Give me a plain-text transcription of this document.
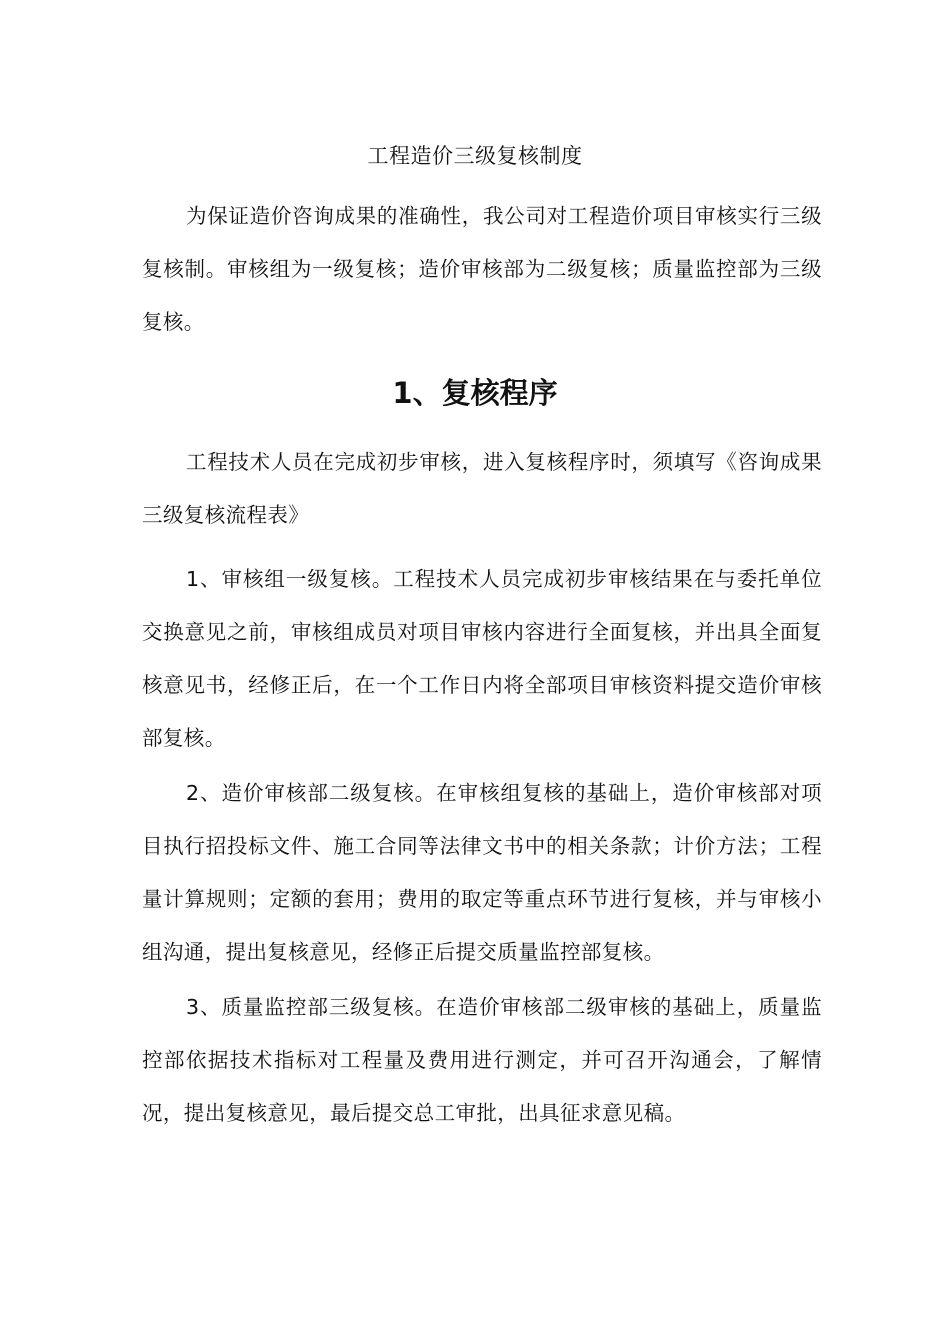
工程造价三级复核制度

为保证造价咨询成果的准确性，我公司对工程造价项目审核实行三级复核制。审核组为一级复核；造价审核部为二级复核；质量监控部为三级复核。

1、复核程序

工程技术人员在完成初步审核，进入复核程序时，须填写《咨询成果三级复核流程表》

1、审核组一级复核。工程技术人员完成初步审核结果在与委托单位交换意见之前，审核组成员对项目审核内容进行全面复核，并出具全面复核意见书，经修正后，在一个工作日内将全部项目审核资料提交造价审核部复核。

2、造价审核部二级复核。在审核组复核的基础上，造价审核部对项目执行招投标文件、施工合同等法律文书中的相关条款；计价方法；工程量计算规则；定额的套用；费用的取定等重点环节进行复核，并与审核小组沟通，提出复核意见，经修正后提交质量监控部复核。

3、质量监控部三级复核。在造价审核部二级审核的基础上，质量监控部依据技术指标对工程量及费用进行测定，并可召开沟通会，了解情况，提出复核意见，最后提交总工审批，出具征求意见稿。
